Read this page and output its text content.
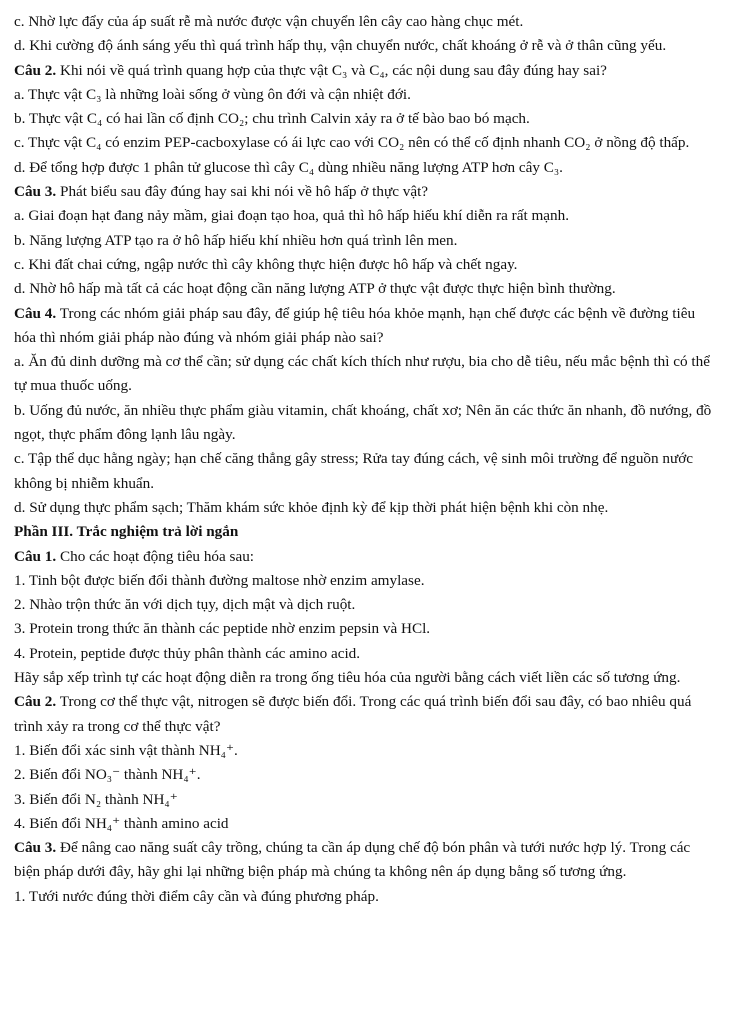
c. Nhờ lực đẩy của áp suất rễ mà nước được vận chuyển lên cây cao hàng chục mét.
d. Khi cường độ ánh sáng yếu thì quá trình hấp thụ, vận chuyển nước, chất khoáng ở rễ và ở thân cũng yếu.
Câu 2. Khi nói về quá trình quang hợp của thực vật C₃ và C₄, các nội dung sau đây đúng hay sai?
a. Thực vật C₃ là những loài sống ở vùng ôn đới và cận nhiệt đới.
b. Thực vật C₄ có hai lần cố định CO₂; chu trình Calvin xảy ra ở tế bào bao bó mạch.
c. Thực vật C₄ có enzim PEP-cacboxylase có ái lực cao với CO₂ nên có thể cố định nhanh CO₂ ở nồng độ thấp.
d. Để tổng hợp được 1 phân tử glucose thì cây C₄ dùng nhiều năng lượng ATP hơn cây C₃.
Câu 3. Phát biểu sau đây đúng hay sai khi nói về hô hấp ở thực vật?
a. Giai đoạn hạt đang nảy mầm, giai đoạn tạo hoa, quả thì hô hấp hiếu khí diễn ra rất mạnh.
b. Năng lượng ATP tạo ra ở hô hấp hiếu khí nhiều hơn quá trình lên men.
c. Khi đất chai cứng, ngập nước thì cây không thực hiện được hô hấp và chết ngay.
d. Nhờ hô hấp mà tất cả các hoạt động cần năng lượng ATP ở thực vật được thực hiện bình thường.
Câu 4. Trong các nhóm giải pháp sau đây, để giúp hệ tiêu hóa khỏe mạnh, hạn chế được các bệnh về đường tiêu hóa thì nhóm giải pháp nào đúng và nhóm giải pháp nào sai?
a. Ăn đủ dinh dưỡng mà cơ thể cần; sử dụng các chất kích thích như rượu, bia cho dễ tiêu, nếu mắc bệnh thì có thể tự mua thuốc uống.
b. Uống đủ nước, ăn nhiều thực phẩm giàu vitamin, chất khoáng, chất xơ; Nên ăn các thức ăn nhanh, đồ nướng, đồ ngọt, thực phẩm đông lạnh lâu ngày.
c. Tập thể dục hằng ngày; hạn chế căng thẳng gây stress; Rửa tay đúng cách, vệ sinh môi trường để nguồn nước không bị nhiễm khuẩn.
d. Sử dụng thực phẩm sạch; Thăm khám sức khỏe định kỳ để kịp thời phát hiện bệnh khi còn nhẹ.
Phần III. Trắc nghiệm trả lời ngắn
Câu 1. Cho các hoạt động tiêu hóa sau:
1. Tinh bột được biến đổi thành đường maltose nhờ enzim amylase.
2. Nhào trộn thức ăn với dịch tụy, dịch mật và dịch ruột.
3. Protein trong thức ăn thành các peptide nhờ enzim pepsin và HCl.
4. Protein, peptide được thủy phân thành các amino acid.
Hãy sắp xếp trình tự các hoạt động diễn ra trong ống tiêu hóa của người bằng cách viết liền các số tương ứng.
Câu 2. Trong cơ thể thực vật, nitrogen sẽ được biến đổi. Trong các quá trình biến đổi sau đây, có bao nhiêu quá trình xảy ra trong cơ thể thực vật?
1. Biến đổi xác sinh vật thành NH₄⁺.
2. Biến đổi NO₃⁻ thành NH₄⁺.
3. Biến đổi N₂ thành NH₄⁺
4. Biến đổi NH₄⁺ thành amino acid
Câu 3. Để nâng cao năng suất cây trồng, chúng ta cần áp dụng chế độ bón phân và tưới nước hợp lý. Trong các biện pháp dưới đây, hãy ghi lại những biện pháp mà chúng ta không nên áp dụng bằng số tương ứng.
1. Tưới nước đúng thời điểm cây cần và đúng phương pháp.
